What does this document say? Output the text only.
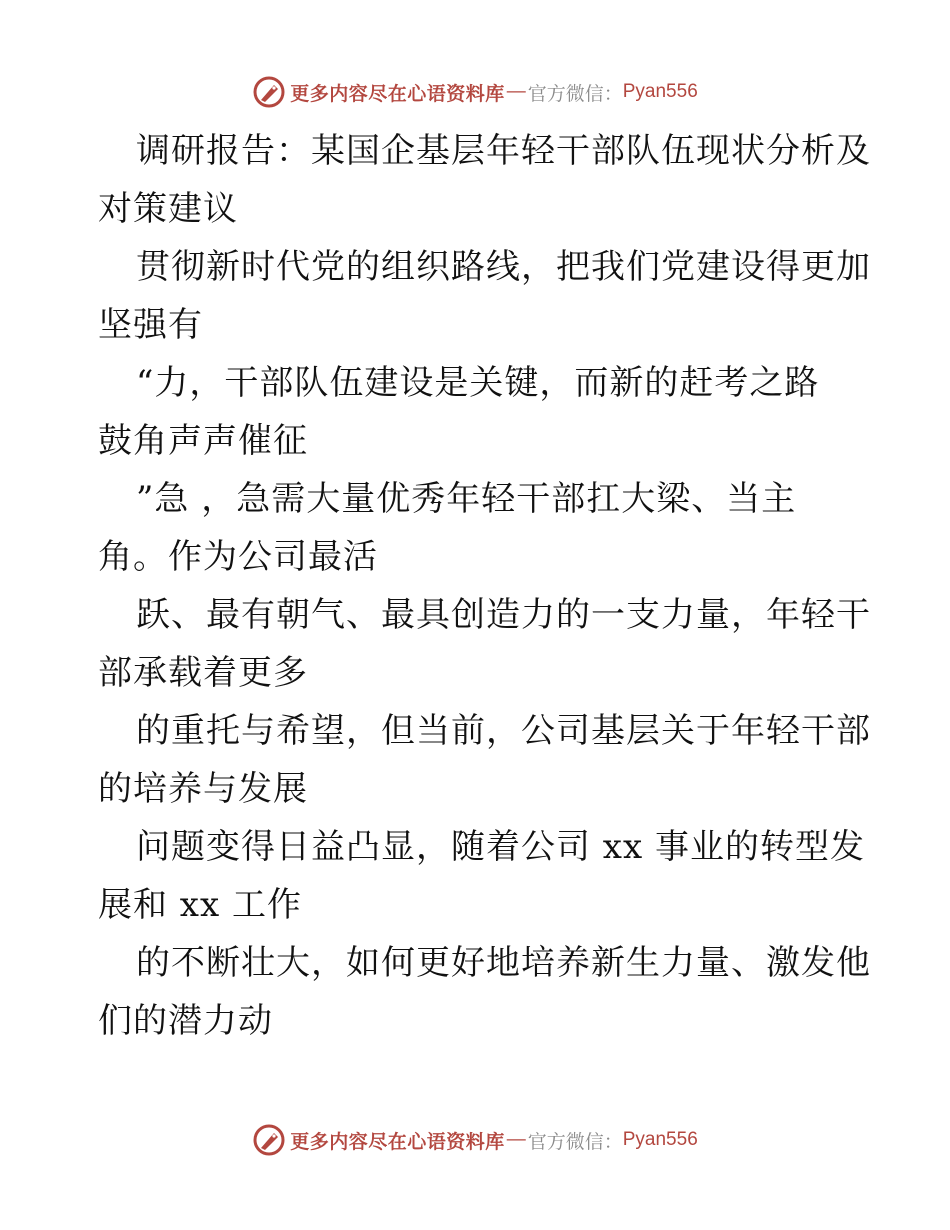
更多内容尽在心语资料库 — 官方微信： Pyan556
调研报告：某国企基层年轻干部队伍现状分析及
对策建议
贯彻新时代党的组织路线，把我们党建设得更加
坚强有
“力，干部队伍建设是关键，而新的赶考之路
鼓角声声催征
”急 ，急需大量优秀年轻干部扛大梁、当主
角。作为公司最活
跃、最有朝气、最具创造力的一支力量，年轻干
部承载着更多
的重托与希望，但当前，公司基层关于年轻干部
的培养与发展
问题变得日益凸显，随着公司 xx 事业的转型发
展和 xx 工作
的不断壮大，如何更好地培养新生力量、激发他
们的潜力动
更多内容尽在心语资料库 — 官方微信： Pyan556
